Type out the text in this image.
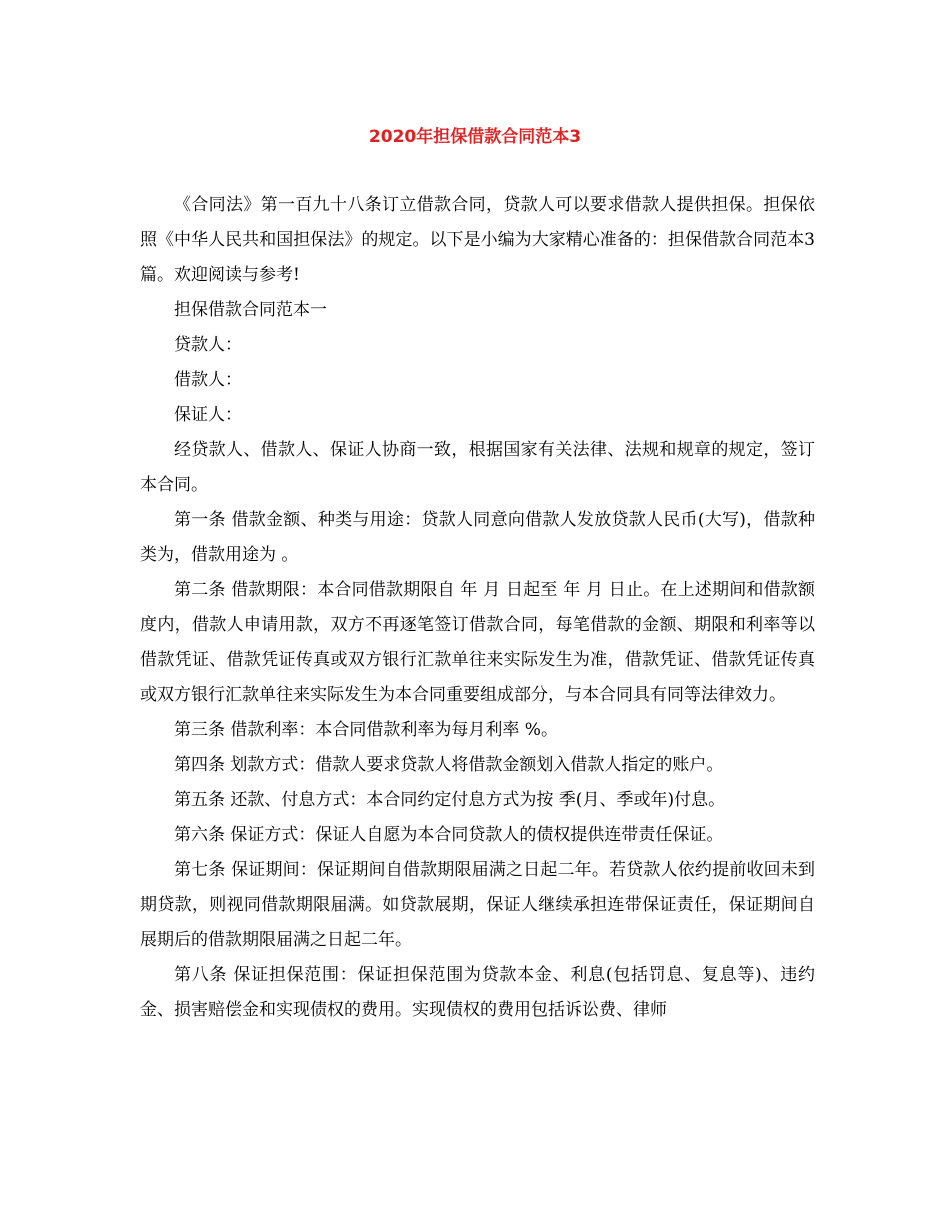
2020年担保借款合同范本3

《合同法》第一百九十八条订立借款合同，贷款人可以要求借款人提供担保。担保依照《中华人民共和国担保法》的规定。以下是小编为大家精心准备的：担保借款合同范本3篇。欢迎阅读与参考!

担保借款合同范本一

贷款人：

借款人：

保证人：

经贷款人、借款人、保证人协商一致，根据国家有关法律、法规和规章的规定，签订本合同。

第一条 借款金额、种类与用途：贷款人同意向借款人发放贷款人民币(大写)，借款种类为，借款用途为 。

第二条 借款期限：本合同借款期限自 年 月 日起至 年 月 日止。在上述期间和借款额度内，借款人申请用款，双方不再逐笔签订借款合同，每笔借款的金额、期限和利率等以借款凭证、借款凭证传真或双方银行汇款单往来实际发生为准，借款凭证、借款凭证传真或双方银行汇款单往来实际发生为本合同重要组成部分，与本合同具有同等法律效力。

第三条 借款利率：本合同借款利率为每月利率 %。

第四条 划款方式：借款人要求贷款人将借款金额划入借款人指定的账户。

第五条 还款、付息方式：本合同约定付息方式为按 季(月、季或年)付息。

第六条 保证方式：保证人自愿为本合同贷款人的债权提供连带责任保证。

第七条 保证期间：保证期间自借款期限届满之日起二年。若贷款人依约提前收回未到期贷款，则视同借款期限届满。如贷款展期，保证人继续承担连带保证责任，保证期间自展期后的借款期限届满之日起二年。

第八条 保证担保范围：保证担保范围为贷款本金、利息(包括罚息、复息等)、违约金、损害赔偿金和实现债权的费用。实现债权的费用包括诉讼费、律师
